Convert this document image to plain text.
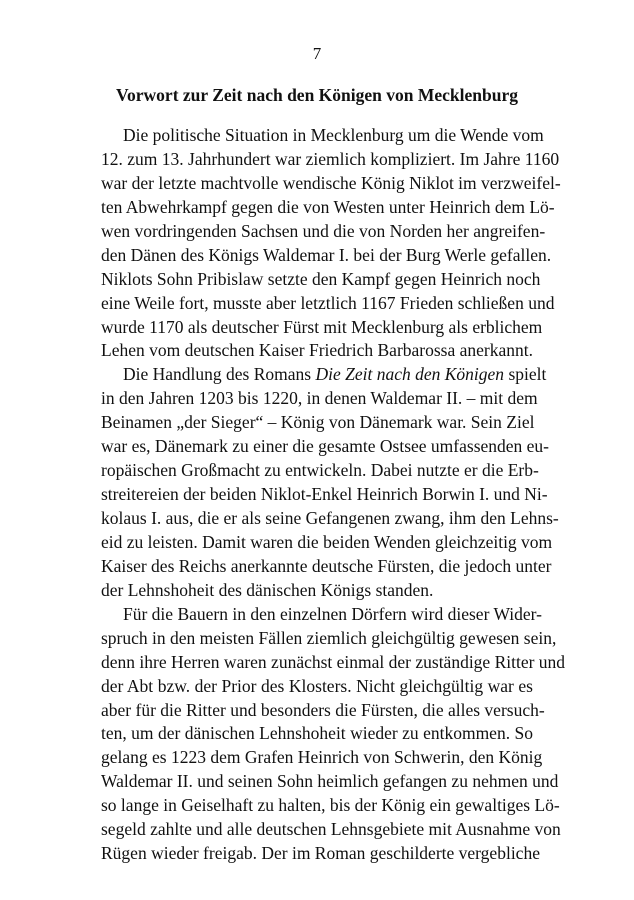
7
Vorwort zur Zeit nach den Königen von Mecklenburg
Die politische Situation in Mecklenburg um die Wende vom
12. zum 13. Jahrhundert war ziemlich kompliziert. Im Jahre 1160
war der letzte machtvolle wendische König Niklot im verzweifel-
ten Abwehrkampf gegen die von Westen unter Heinrich dem Lö-
wen vordringenden Sachsen und die von Norden her angreifen-
den Dänen des Königs Waldemar I. bei der Burg Werle gefallen.
Niklots Sohn Pribislaw setzte den Kampf gegen Heinrich noch
eine Weile fort, musste aber letztlich 1167 Frieden schließen und
wurde 1170 als deutscher Fürst mit Mecklenburg als erblichem
Lehen vom deutschen Kaiser Friedrich Barbarossa anerkannt.
Die Handlung des Romans Die Zeit nach den Königen spielt
in den Jahren 1203 bis 1220, in denen Waldemar II. – mit dem
Beinamen „der Sieger“ – König von Dänemark war. Sein Ziel
war es, Dänemark zu einer die gesamte Ostsee umfassenden eu-
ropäischen Großmacht zu entwickeln. Dabei nutzte er die Erb-
streitereien der beiden Niklot-Enkel Heinrich Borwin I. und Ni-
kolaus I. aus, die er als seine Gefangenen zwang, ihm den Lehns-
eid zu leisten. Damit waren die beiden Wenden gleichzeitig vom
Kaiser des Reichs anerkannte deutsche Fürsten, die jedoch unter
der Lehnshoheit des dänischen Königs standen.
Für die Bauern in den einzelnen Dörfern wird dieser Wider-
spruch in den meisten Fällen ziemlich gleichgültig gewesen sein,
denn ihre Herren waren zunächst einmal der zuständige Ritter und
der Abt bzw. der Prior des Klosters. Nicht gleichgültig war es
aber für die Ritter und besonders die Fürsten, die alles versuch-
ten, um der dänischen Lehnshoheit wieder zu entkommen. So
gelang es 1223 dem Grafen Heinrich von Schwerin, den König
Waldemar II. und seinen Sohn heimlich gefangen zu nehmen und
so lange in Geiselhaft zu halten, bis der König ein gewaltiges Lö-
segeld zahlte und alle deutschen Lehnsgebiete mit Ausnahme von
Rügen wieder freigab. Der im Roman geschilderte vergebliche
